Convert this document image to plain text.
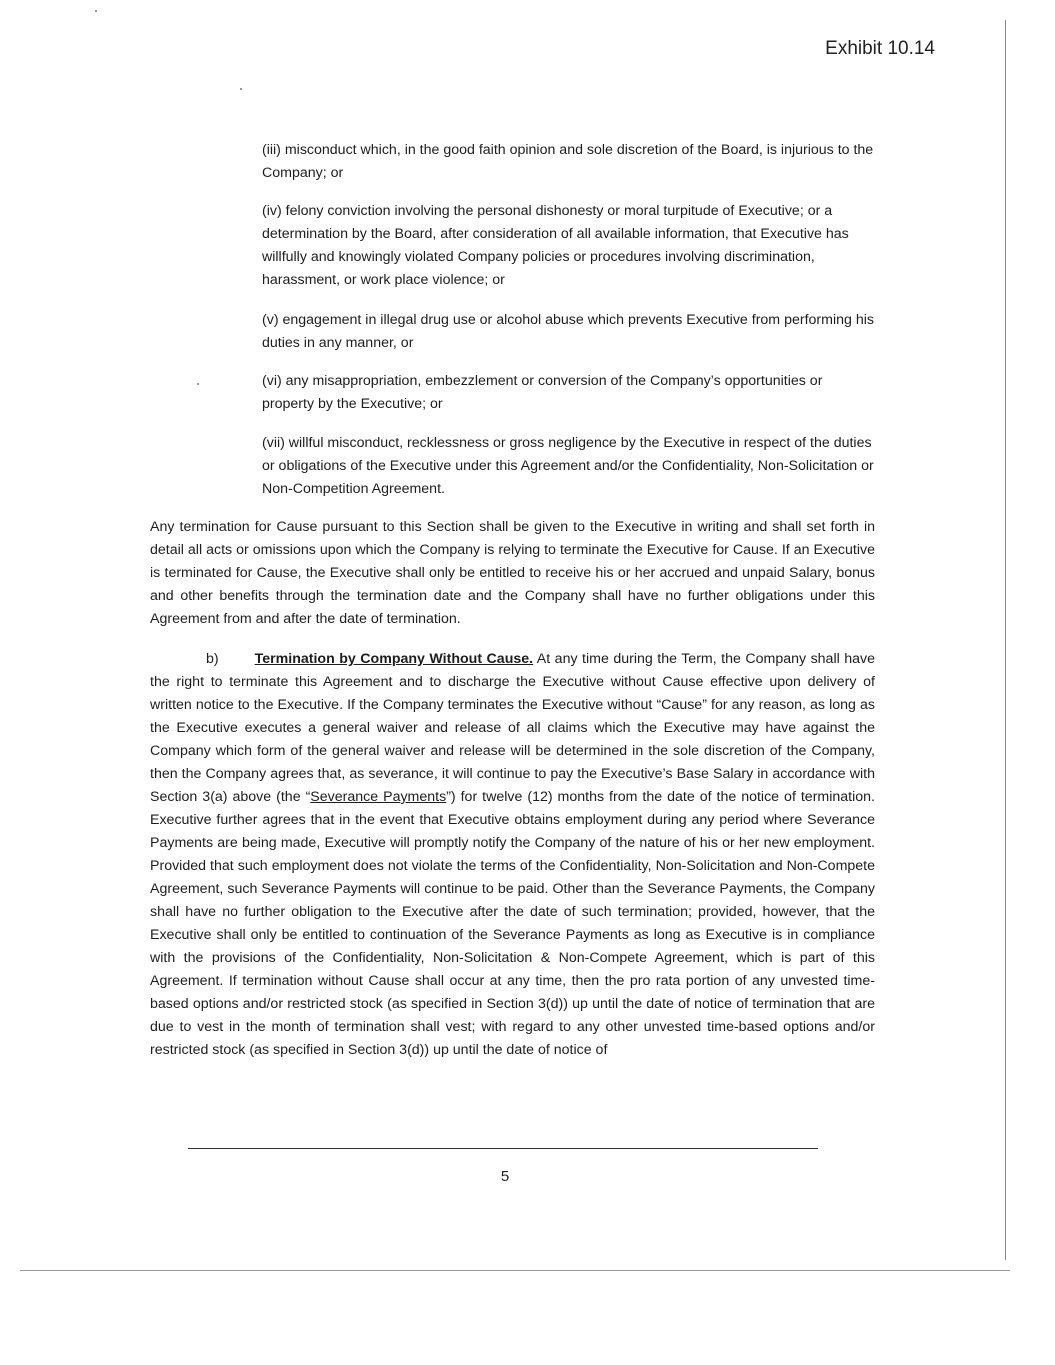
Exhibit 10.14
(iii) misconduct which, in the good faith opinion and sole discretion of the Board, is injurious to the Company; or
(iv) felony conviction involving the personal dishonesty or moral turpitude of Executive; or a determination by the Board, after consideration of all available information, that Executive has willfully and knowingly violated Company policies or procedures involving discrimination, harassment, or work place violence; or
(v) engagement in illegal drug use or alcohol abuse which prevents Executive from performing his duties in any manner, or
(vi) any misappropriation, embezzlement or conversion of the Company’s opportunities or property by the Executive; or
(vii) willful misconduct, recklessness or gross negligence by the Executive in respect of the duties or obligations of the Executive under this Agreement and/or the Confidentiality, Non-Solicitation or Non-Competition Agreement.
Any termination for Cause pursuant to this Section shall be given to the Executive in writing and shall set forth in detail all acts or omissions upon which the Company is relying to terminate the Executive for Cause. If an Executive is terminated for Cause, the Executive shall only be entitled to receive his or her accrued and unpaid Salary, bonus and other benefits through the termination date and the Company shall have no further obligations under this Agreement from and after the date of termination.
b)	Termination by Company Without Cause. At any time during the Term, the Company shall have the right to terminate this Agreement and to discharge the Executive without Cause effective upon delivery of written notice to the Executive. If the Company terminates the Executive without “Cause” for any reason, as long as the Executive executes a general waiver and release of all claims which the Executive may have against the Company which form of the general waiver and release will be determined in the sole discretion of the Company, then the Company agrees that, as severance, it will continue to pay the Executive’s Base Salary in accordance with Section 3(a) above (the “Severance Payments”) for twelve (12) months from the date of the notice of termination. Executive further agrees that in the event that Executive obtains employment during any period where Severance Payments are being made, Executive will promptly notify the Company of the nature of his or her new employment. Provided that such employment does not violate the terms of the Confidentiality, Non-Solicitation and Non-Compete Agreement, such Severance Payments will continue to be paid. Other than the Severance Payments, the Company shall have no further obligation to the Executive after the date of such termination; provided, however, that the Executive shall only be entitled to continuation of the Severance Payments as long as Executive is in compliance with the provisions of the Confidentiality, Non-Solicitation & Non-Compete Agreement, which is part of this Agreement. If termination without Cause shall occur at any time, then the pro rata portion of any unvested time-based options and/or restricted stock (as specified in Section 3(d)) up until the date of notice of termination that are due to vest in the month of termination shall vest; with regard to any other unvested time-based options and/or restricted stock (as specified in Section 3(d)) up until the date of notice of
5
